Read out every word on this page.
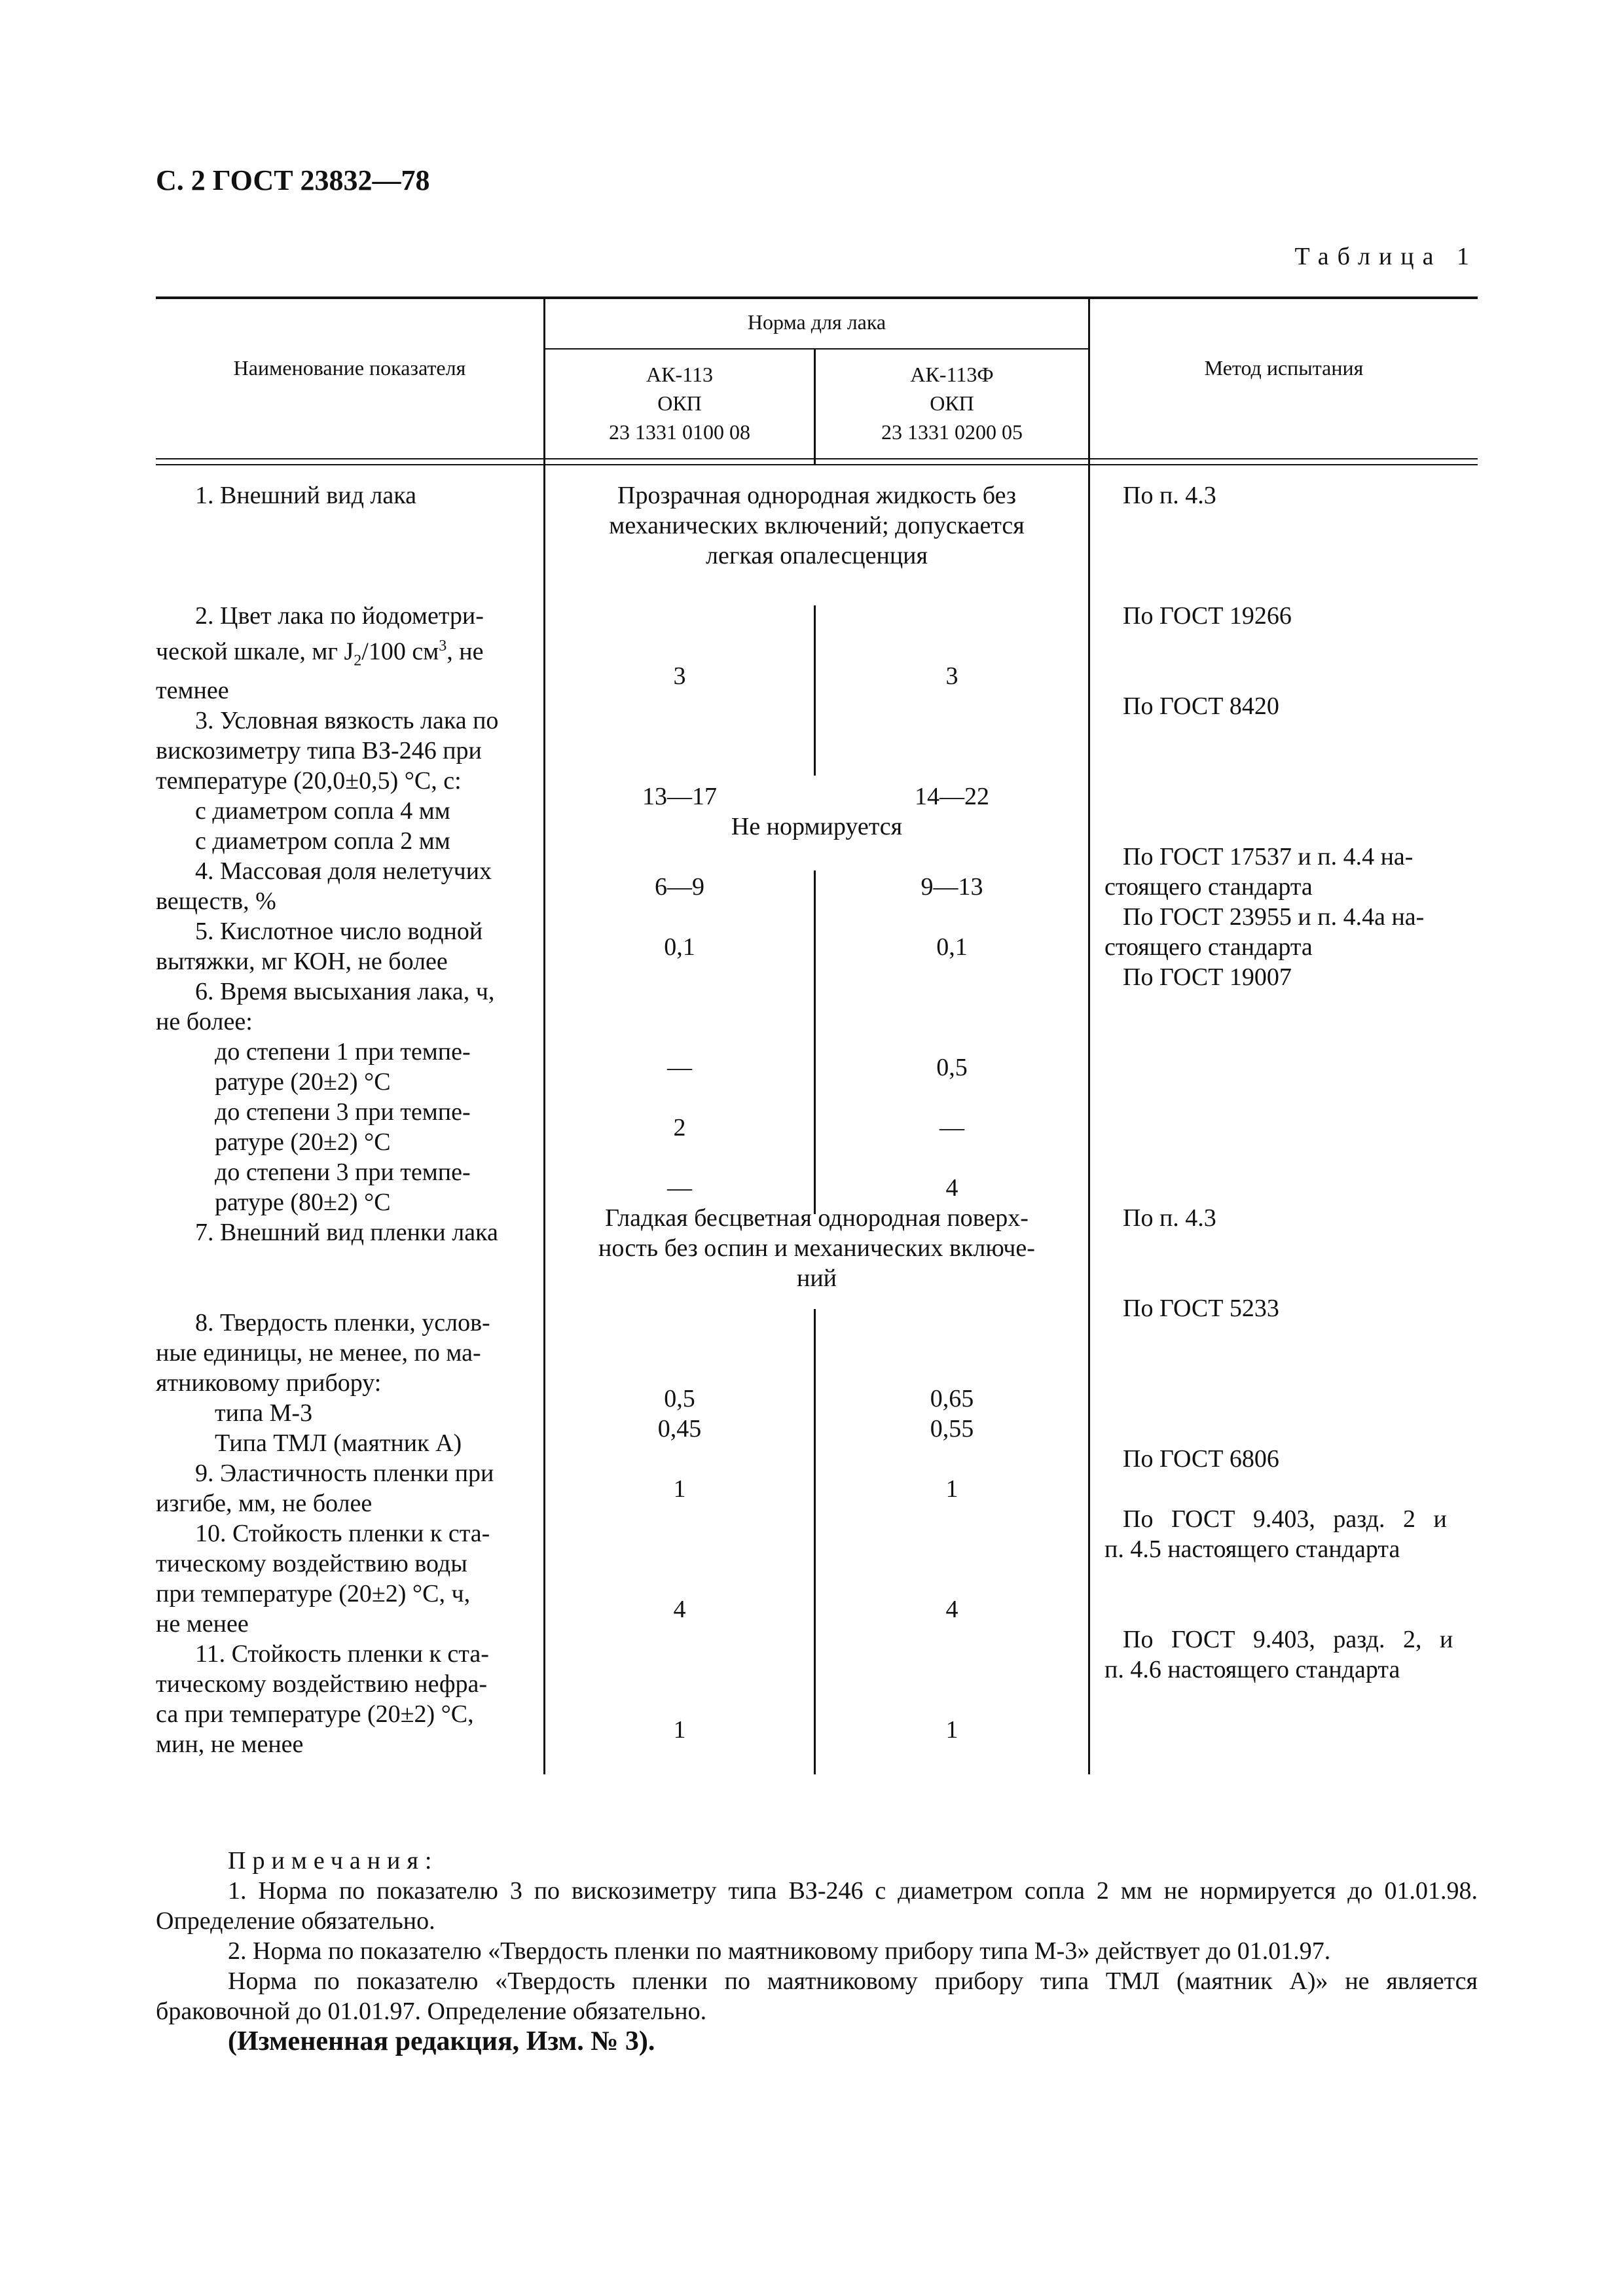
С. 2 ГОСТ 23832—78
Таблица 1
Наименование показателя
Норма для лака
АК-113
ОКП
23 1331 0100 08
АК-113Ф
ОКП
23 1331 0200 05
Метод испытания
1. Внешний вид лака
2. Цвет лака по йодометри-
ческой шкале, мг $J_2/100$ $см^3$, не
темнее
3. Условная вязкость лака по
вискозиметру типа ВЗ-246 при
температуре (20,0±0,5) °С, с:
с диаметром сопла 4 мм
с диаметром сопла 2 мм
4. Массовая доля нелетучих
веществ, %
5. Кислотное число водной
вытяжки, мг КОН, не более
6. Время высыхания лака, ч,
не более:
до степени 1 при темпе-
ратуре (20±2) °С
до степени 3 при темпе-
ратуре (20±2) °С
до степени 3 при темпе-
ратуре (80±2) °С
7. Внешний вид пленки лака
8. Твердость пленки, услов-
ные единицы, не менее, по ма-
ятниковому прибору:
типа М-3
Типа ТМЛ (маятник А)
9. Эластичность пленки при
изгибе, мм, не более
10. Стойкость пленки к ста-
тическому воздействию воды
при температуре (20±2) °С, ч,
не менее
11. Стойкость пленки к ста-
тическому воздействию нефра-
са при температуре (20±2) °С,
мин, не менее
Прозрачная однородная жидкость без
механических включений; допускается
легкая опалесценция
Не нормируется
Гладкая бесцветная однородная поверх-
ность без оспин и механических включе-
ний
3
13—17
6—9
0,1
—
2
—
0,5
0,45
1
4
1
3
14—22
9—13
0,1
0,5
—
4
0,65
0,55
1
4
1
По п. 4.3
По ГОСТ 19266
По ГОСТ 8420
По ГОСТ 17537 и п. 4.4 на-
стоящего стандарта
По ГОСТ 23955 и п. 4.4а на-
стоящего стандарта
По ГОСТ 19007
По п. 4.3
По ГОСТ 5233
По ГОСТ 6806
По ГОСТ 9.403, разд. 2 и
п. 4.5 настоящего стандарта
По ГОСТ 9.403, разд. 2, и
п. 4.6 настоящего стандарта

Примечания:

1. Норма по показателю 3 по вискозиметру типа ВЗ-246 с диаметром сопла 2 мм не нормируется до 01.01.98. Определение обязательно.

2. Норма по показателю «Твердость пленки по маятниковому прибору типа М-3» действует до 01.01.97.

Норма по показателю «Твердость пленки по маятниковому прибору типа ТМЛ (маятник А)» не является браковочной до 01.01.97. Определение обязательно.

(Измененная редакция, Изм. № 3).
